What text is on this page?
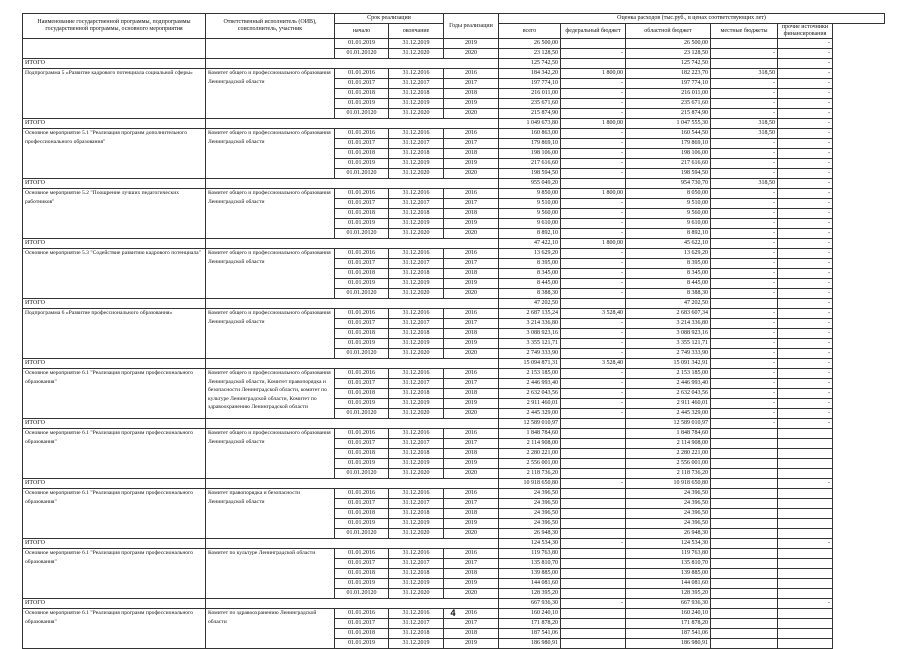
Наименование государственной программы, подпрограммы государственной программы, основного мероприятия	Ответственный исполнитель (ОИВ), соисполнитель, участник	Срок реализации		Годы реализации	Оценка расходов (тыс.руб., в ценах соответствующих лет)				
		начало	окончание		всего	федеральный бюджет	областной бюджет	местные бюджеты	прочие источники финансирования
		01.01.2019	31.12.2019	2019	26 500,00		26 500,00		-
		01.01.20120	31.12.2020	2020	23 128,50	-	23 128,50	-	-
ИТОГО					125 742,50		125 742,50		-
Подпрограмма 5 «Развитие кадрового потенциала социальной сферы»	Комитет общего и профессионального образования Ленинградской области	01.01.2016	31.12.2016	2016	184 342,20	1 800,00	182 223,70	318,50	-
		01.01.2017	31.12.2017	2017	197 774,10	-	197 774,10	-	-
		01.01.2018	31.12.2018	2018	216 011,00	-	216 011,00	-	-
		01.01.2019	31.12.2019	2019	235 671,60	-	235 671,60	-	-
		01.01.20120	31.12.2020	2020	215 874,90	-	215 874,90	-	-
ИТОГО					1 049 673,80	1 800,00	1 047 555,30	318,50	-
Основное мероприятие 5.1 "Реализация программ дополнительного профессионального образования"	Комитет общего и профессионального образования Ленинградской области	01.01.2016	31.12.2016	2016	160 863,00	-	160 544,50	318,50	-
		01.01.2017	31.12.2017	2017	179 869,10	-	179 869,10	-	-
		01.01.2018	31.12.2018	2018	198 106,00	-	198 106,00	-	-
		01.01.2019	31.12.2019	2019	217 616,60	-	217 616,60	-	-
		01.01.20120	31.12.2020	2020	198 594,50	-	198 594,50	-	-
ИТОГО					955 049,20		954 730,70	318,50	-
Основное мероприятие 5.2 "Поощрение лучших педагогических работников"	Комитет общего и профессионального образования Ленинградской области	01.01.2016	31.12.2016	2016	9 850,00	1 800,00	8 050,00	-	-
		01.01.2017	31.12.2017	2017	9 510,00	-	9 510,00	-	-
		01.01.2018	31.12.2018	2018	9 560,00	-	9 560,00	-	-
		01.01.2019	31.12.2019	2019	9 610,00	-	9 610,00	-	-
		01.01.20120	31.12.2020	2020	8 892,10	-	8 892,10	-	-
ИТОГО					47 422,10	1 800,00	45 622,10	-	-
Основное мероприятие 5.3 "Содействие развитию кадрового потенциала"	Комитет общего и профессионального образования Ленинградской области	01.01.2016	31.12.2016	2016	13 629,20	-	13 629,20	-	-
		01.01.2017	31.12.2017	2017	8 395,00	-	8 395,00	-	-
		01.01.2018	31.12.2018	2018	8 345,00	-	8 345,00	-	-
		01.01.2019	31.12.2019	2019	8 445,00	-	8 445,00	-	-
		01.01.20120	31.12.2020	2020	8 388,30	-	8 388,30	-	-
ИТОГО					47 202,50		47 202,50		-
Подпрограмма 6 «Развитие профессионального образования»	Комитет общего и профессионального образования Ленинградской области	01.01.2016	31.12.2016	2016	2 687 135,24	3 528,40	2 683 607,34	-	-
		01.01.2017	31.12.2017	2017	3 214 336,80	-	3 214 336,80	-	-
		01.01.2018	31.12.2018	2018	3 088 923,16	-	3 088 923,16	-	-
		01.01.2019	31.12.2019	2019	3 355 121,71	-	3 355 121,71	-	-
		01.01.20120	31.12.2020	2020	2 749 333,90	-	2 749 333,90	-	-
ИТОГО					15 094 871,31	3 528,40	15 091 342,91	-	-
Основное мероприятие 6.1 "Реализация программ профессионального образования"	Комитет общего и профессионального образования Ленинградской области, Комитет правопорядка и безопасности Ленинградской области, комитет по культуре Ленинградской области, Комитет по здравоохранению Ленинградской области	01.01.2016	31.12.2016	2016	2 153 185,00	-	2 153 185,00	-	-
		01.01.2017	31.12.2017	2017	2 446 993,40	-	2 446 993,40	-	-
		01.01.2018	31.12.2018	2018	2 632 043,56	-	2 632 043,56	-	-
		01.01.2019	31.12.2019	2019	2 911 460,01	-	2 911 460,01	-	-
		01.01.20120	31.12.2020	2020	2 445 329,00	-	2 445 329,00	-	-
ИТОГО					12 589 010,97		12 589 010,97	-	-
Основное мероприятие 6.1 "Реализация программ профессионального образования"	Комитет общего и профессионального образования Ленинградской области	01.01.2016	31.12.2016	2016	1 848 784,60		1 848 784,60		
		01.01.2017	31.12.2017	2017	2 114 908,00		2 114 908,00		
		01.01.2018	31.12.2018	2018	2 280 221,00		2 280 221,00		
		01.01.2019	31.12.2019	2019	2 556 001,00		2 556 001,00		
		01.01.20120	31.12.2020	2020	2 118 736,20		2 118 736,20		
ИТОГО					10 918 650,80	-	10 918 650,80		-
Основное мероприятие 6.1 "Реализация программ профессионального образования"	Комитет правопорядка и безопасности Ленинградской области	01.01.2016	31.12.2016	2016	24 396,50		24 396,50		
		01.01.2017	31.12.2017	2017	24 396,50		24 396,50		
		01.01.2018	31.12.2018	2018	24 396,50		24 396,50		
		01.01.2019	31.12.2019	2019	24 396,50		24 396,50		
		01.01.20120	31.12.2020	2020	26 948,30		26 948,30		
ИТОГО					124 534,30	-	124 534,30		-
Основное мероприятие 6.1 "Реализация программ профессионального образования"	Комитет по культуре Ленинградской области	01.01.2016	31.12.2016	2016	119 763,80		119 763,80		
		01.01.2017	31.12.2017	2017	135 810,70		135 810,70		
		01.01.2018	31.12.2018	2018	139 885,00		139 885,00		
		01.01.2019	31.12.2019	2019	144 081,60		144 081,60		
		01.01.20120	31.12.2020	2020	128 395,20		128 395,20		
ИТОГО					667 936,30	-	667 936,30		-
Основное мероприятие 6.1 "Реализация программ профессионального образования"	Комитет по здравоохранению Ленинградской области	01.01.2016	31.12.2016	2016	160 240,10		160 240,10		
		01.01.2017	31.12.2017	2017	171 878,20		171 878,20		
		01.01.2018	31.12.2018	2018	187 541,06		187 541,06		
		01.01.2019	31.12.2019	2019	186 980,91		186 980,91		
4
